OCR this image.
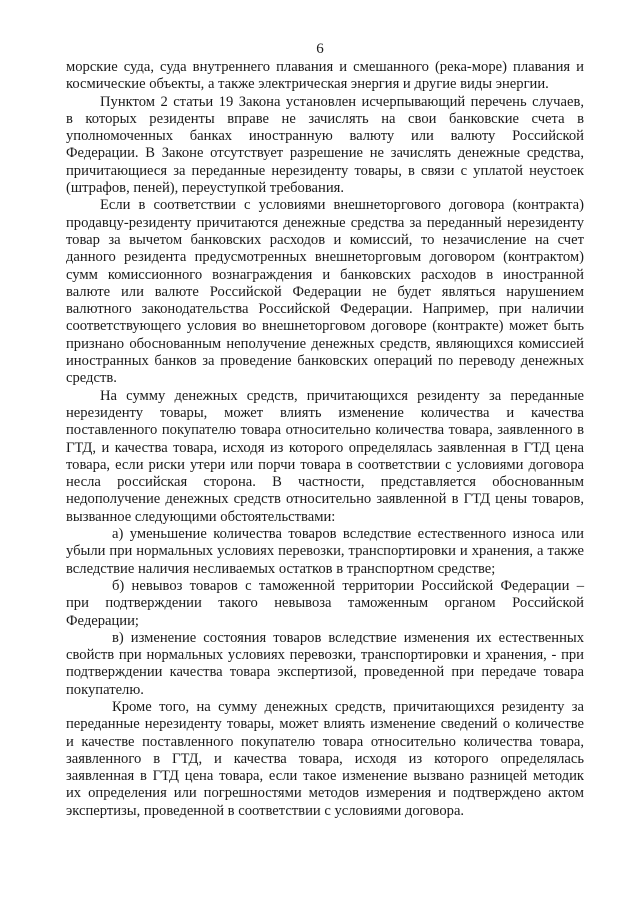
6
морские суда, суда внутреннего плавания и смешанного (река-море) плавания и
космические объекты, а также электрическая энергия и другие виды энергии.
Пунктом 2 статьи 19 Закона установлен исчерпывающий перечень случаев,
в которых резиденты вправе не зачислять на свои банковские счета в
уполномоченных банках иностранную валюту или валюту Российской
Федерации. В Законе отсутствует разрешение не зачислять денежные средства,
причитающиеся за переданные нерезиденту товары, в связи с уплатой неустоек
(штрафов, пеней), переуступкой требования.
Если в соответствии с условиями внешнеторгового договора (контракта)
продавцу-резиденту причитаются денежные средства за переданный нерезиденту
товар за вычетом банковских расходов и комиссий, то незачисление на счет
данного резидента предусмотренных внешнеторговым договором (контрактом)
сумм комиссионного вознаграждения и банковских расходов в иностранной
валюте или валюте Российской Федерации не будет являться нарушением
валютного законодательства Российской Федерации. Например, при наличии
соответствующего условия во внешнеторговом договоре (контракте) может быть
признано обоснованным неполучение денежных средств, являющихся комиссией
иностранных банков за проведение банковских операций по переводу денежных
средств.
На сумму денежных средств, причитающихся резиденту за переданные
нерезиденту товары, может влиять изменение количества и качества
поставленного покупателю товара относительно количества товара, заявленного в
ГТД, и качества товара, исходя из которого определялась заявленная в ГТД цена
товара, если риски утери или порчи товара в соответствии с условиями договора
несла российская сторона. В частности, представляется обоснованным
недополучение денежных средств относительно заявленной в ГТД цены товаров,
вызванное следующими обстоятельствами:
а) уменьшение количества товаров вследствие естественного износа или
убыли при нормальных условиях перевозки, транспортировки и хранения, а также
вследствие наличия несливаемых остатков в транспортном средстве;
б) невывоз товаров с таможенной территории Российской Федерации –
при подтверждении такого невывоза таможенным органом Российской
Федерации;
в) изменение состояния товаров вследствие изменения их естественных
свойств при нормальных условиях перевозки, транспортировки и хранения, - при
подтверждении качества товара экспертизой, проведенной при передаче товара
покупателю.
Кроме того, на сумму денежных средств, причитающихся резиденту за
переданные нерезиденту товары, может влиять изменение сведений о количестве
и качестве поставленного покупателю товара относительно количества товара,
заявленного в ГТД, и качества товара, исходя из которого определялась
заявленная в ГТД цена товара, если такое изменение вызвано разницей методик
их определения или погрешностями методов измерения и подтверждено актом
экспертизы, проведенной в соответствии с условиями договора.
